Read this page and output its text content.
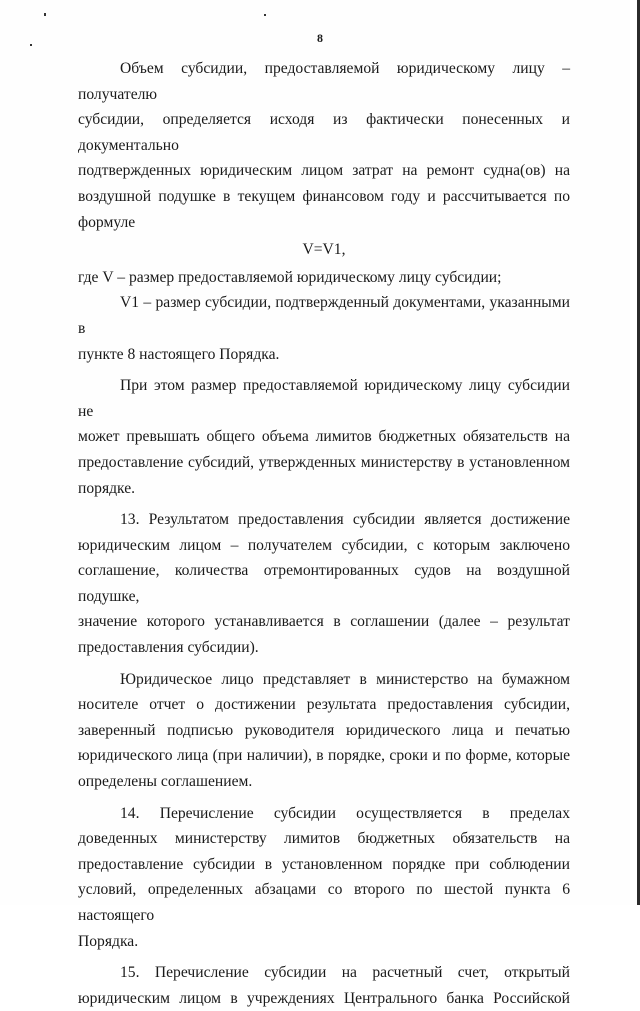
8

Объем субсидии, предоставляемой юридическому лицу – получателю

субсидии, определяется исходя из фактически понесенных и документально

подтвержденных юридическим лицом затрат на ремонт судна(ов) на

воздушной подушке в текущем финансовом году и рассчитывается по

формуле

V=V1,

где V – размер предоставляемой юридическому лицу субсидии;

V1 – размер субсидии, подтвержденный документами, указанными в

пункте 8 настоящего Порядка.

При этом размер предоставляемой юридическому лицу субсидии не

может превышать общего объема лимитов бюджетных обязательств на

предоставление субсидий, утвержденных министерству в установленном

порядке.

13. Результатом предоставления субсидии является достижение

юридическим лицом – получателем субсидии, с которым заключено

соглашение, количества отремонтированных судов на воздушной подушке,

значение которого устанавливается в соглашении (далее – результат

предоставления субсидии).

Юридическое лицо представляет в министерство на бумажном

носителе отчет о достижении результата предоставления субсидии,

заверенный подписью руководителя юридического лица и печатью

юридического лица (при наличии), в порядке, сроки и по форме, которые

определены соглашением.

14. Перечисление субсидии осуществляется в пределах

доведенных министерству лимитов бюджетных обязательств на

предоставление субсидии в установленном порядке при соблюдении

условий, определенных абзацами со второго по шестой пункта 6 настоящего

Порядка.

15. Перечисление субсидии на расчетный счет, открытый

юридическим лицом в учреждениях Центрального банка Российской
